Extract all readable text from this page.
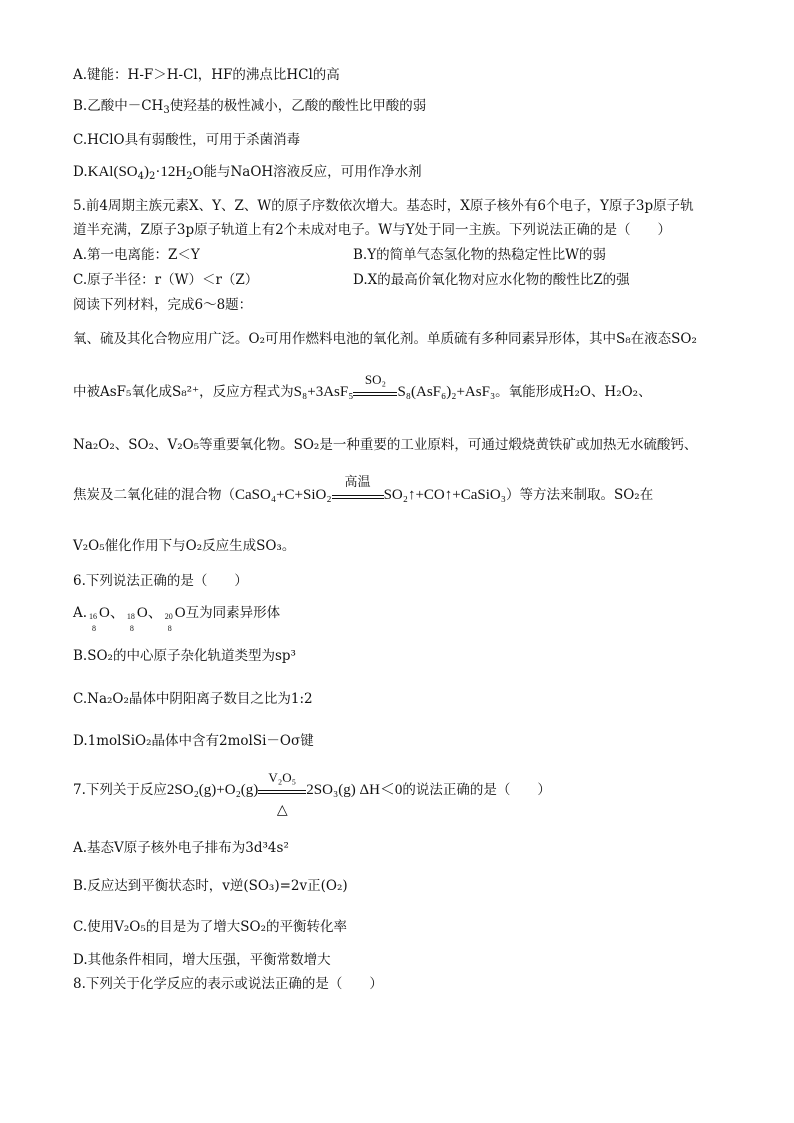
A.键能：H-F＞H-Cl，HF的沸点比HCl的高
B.乙酸中$-CH_3$使羟基的极性减小，乙酸的酸性比甲酸的弱
C.HClO具有弱酸性，可用于杀菌消毒
$D.KAl(SO_4)_2\cdot 12H_2O$能与NaOH溶液反应，可用作净水剂
5.前4周期主族元素X、Y、Z、W的原子序数依次增大。基态时，X原子核外有6个电子，Y原子3p原子轨
道半充满，Z原子3p原子轨道上有2个未成对电子。W与Y处于同一主族。下列说法正确的是（　　）
A.第一电离能：Z＜Y	B.Y的简单气态氢化物的热稳定性比W的弱
C.原子半径：r（W）＜r（Z）	D.X的最高价氧化物对应水化物的酸性比Z的强
阅读下列材料，完成6～8题：
氧、硫及其化合物应用广泛。O₂可用作燃料电池的氧化剂。单质硫有多种同素异形体，其中S₈在液态SO₂
中被AsF₅氧化成S₈²⁺，反应方程式为S₈+3AsF₅
SO₂
S₈(AsF₆)₂+AsF₃。氧能形成H₂O、H₂O₂、
Na₂O₂、SO₂、V₂O₅等重要氧化物。SO₂是一种重要的工业原料，可通过煅烧黄铁矿或加热无水硫酸钙、
焦炭及二氧化硅的混合物（CaSO₄+C+SiO₂
高温
SO₂↑+CO↑+CaSiO₃）等方法来制取。SO₂在
V₂O₅催化作用下与O₂反应生成SO₃。
6.下列说法正确的是（　　）
A. 16
8
O、 18
8
O、 20
8
O互为同素异形体
B.SO₂的中心原子杂化轨道类型为sp³
C.Na₂O₂晶体中阴阳离子数目之比为1:2
D.1molSiO₂晶体中含有2molSi－Oσ键
7.下列关于反应2SO₂(g)+O₂(g)
V₂O₅
△
2SO₃(g) ΔH＜0的说法正确的是（　　）
A.基态V原子核外电子排布为3d³4s²
B.反应达到平衡状态时，v逆(SO₃)=2v正(O₂)
C.使用V₂O₅的目是为了增大SO₂的平衡转化率
D.其他条件相同，增大压强，平衡常数增大
8.下列关于化学反应的表示或说法正确的是（　　）
